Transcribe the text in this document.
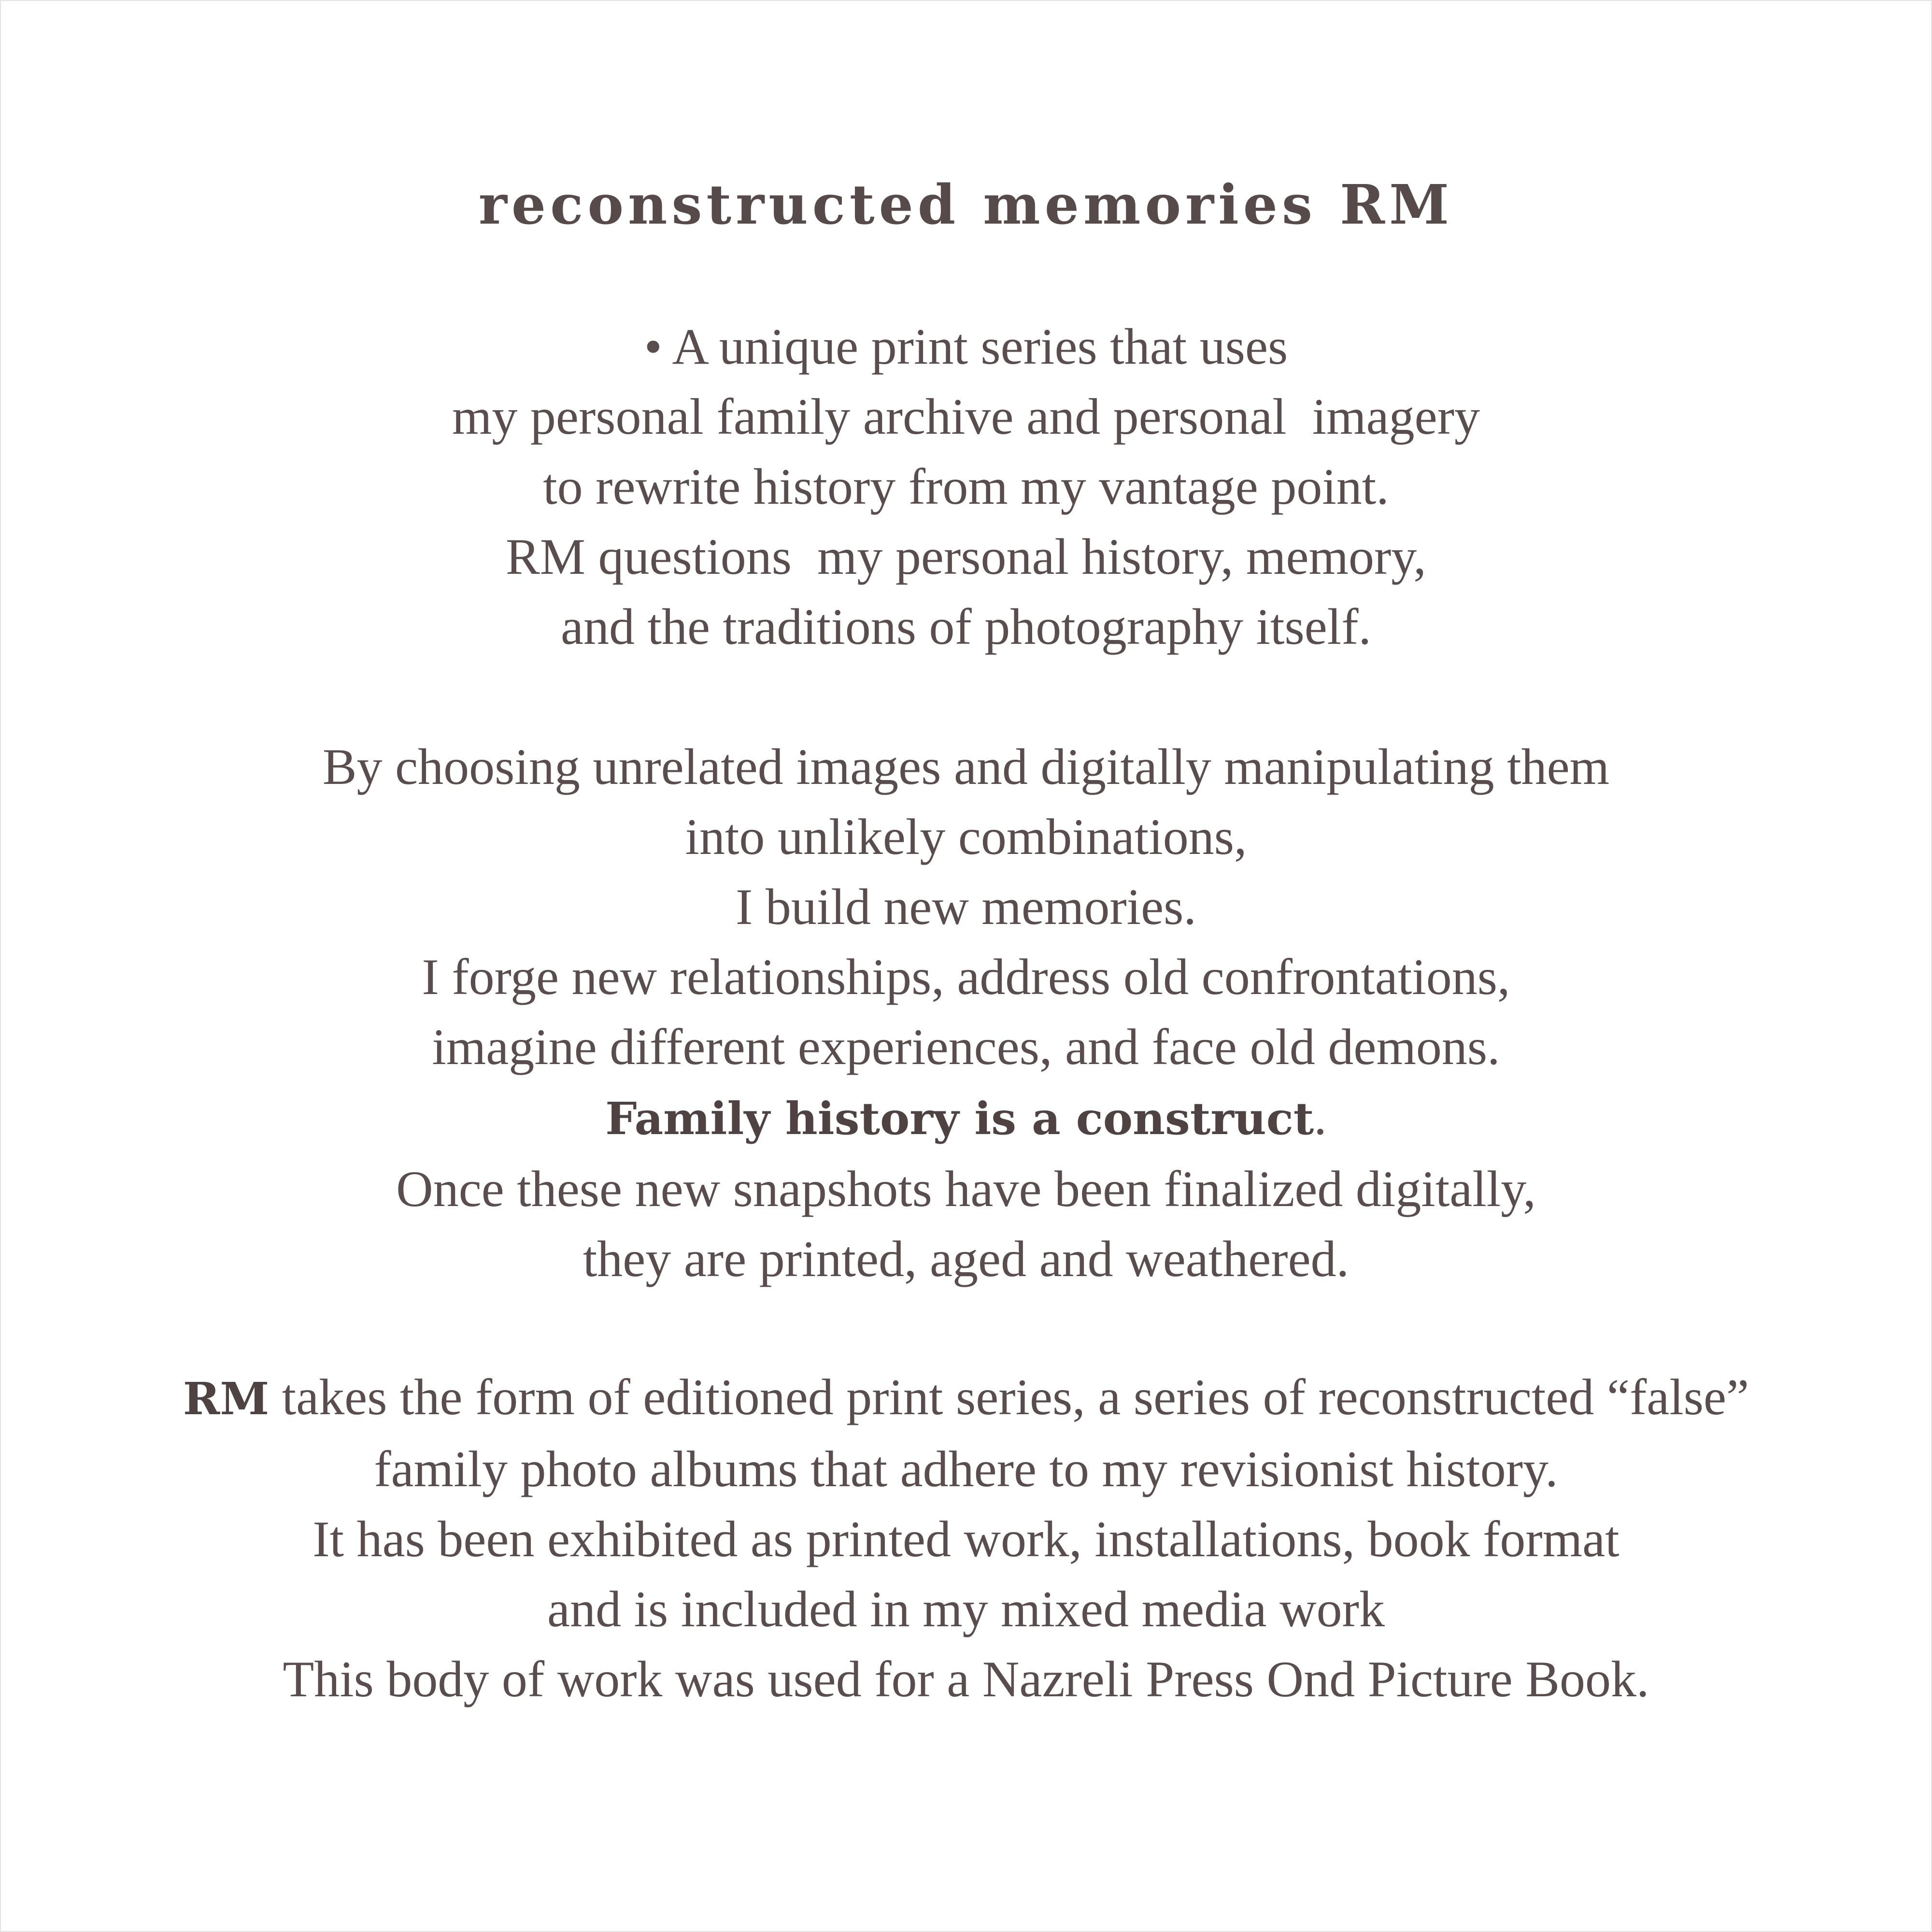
reconstructed memories RM

• A unique print series that uses
my personal family archive and personal  imagery
to rewrite history from my vantage point.
RM questions  my personal history, memory,
and the traditions of photography itself.

By choosing unrelated images and digitally manipulating them
into unlikely combinations,
I build new memories.
I forge new relationships, address old confrontations,
imagine different experiences, and face old demons.
Family history is a construct.
Once these new snapshots have been finalized digitally,
they are printed, aged and weathered.

RM takes the form of editioned print series, a series of reconstructed “false”
family photo albums that adhere to my revisionist history.
It has been exhibited as printed work, installations, book format
and is included in my mixed media work
This body of work was used for a Nazreli Press Ond Picture Book.
